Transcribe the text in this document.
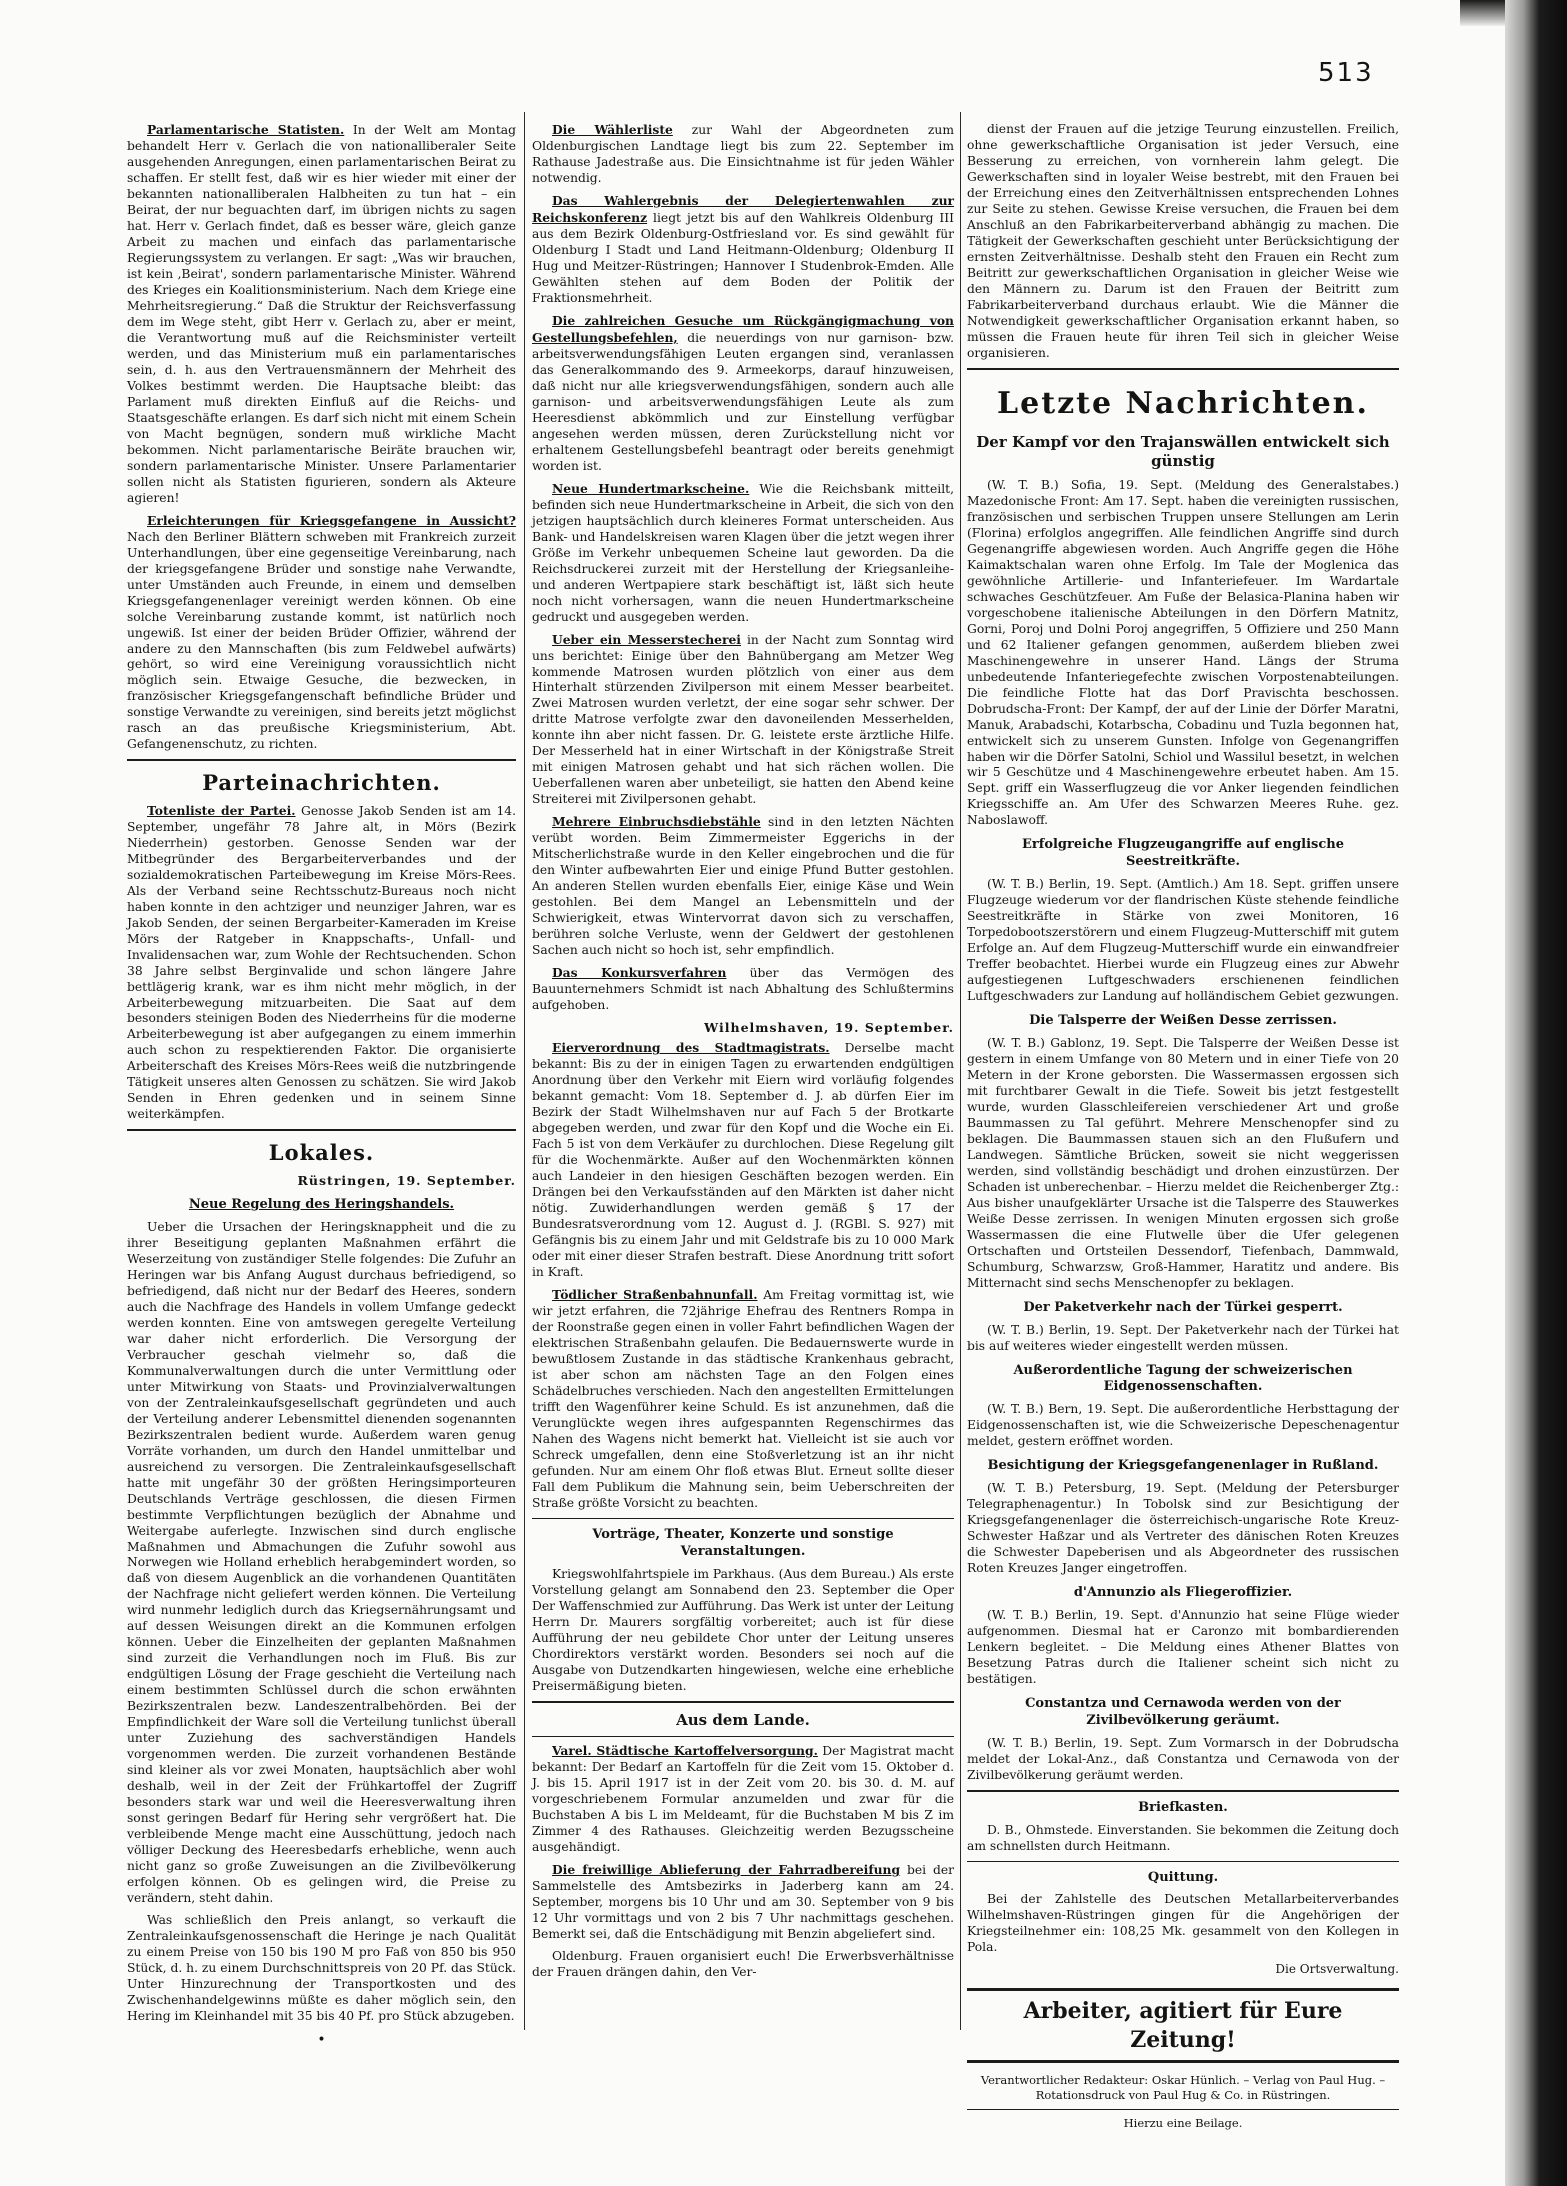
513

Parlamentarische Statisten. In der Welt am Montag behandelt Herr v. Gerlach die von nationalliberaler Seite ausgehenden Anregungen, einen parlamentarischen Beirat zu schaffen. Er stellt fest, daß wir es hier wieder mit einer der bekannten nationalliberalen Halbheiten zu tun hat – ein Beirat, der nur beguachten darf, im übrigen nichts zu sagen hat. Herr v. Gerlach findet, daß es besser wäre, gleich ganze Arbeit zu machen und einfach das parlamentarische Regierungssystem zu verlangen. Er sagt: „Was wir brauchen, ist kein ‚Beirat', sondern parlamentarische Minister. Während des Krieges ein Koalitionsministerium. Nach dem Kriege eine Mehrheitsregierung.“ Daß die Struktur der Reichsverfassung dem im Wege steht, gibt Herr v. Gerlach zu, aber er meint, die Verantwortung muß auf die Reichsminister verteilt werden, und das Ministerium muß ein parlamentarisches sein, d. h. aus den Vertrauensmännern der Mehrheit des Volkes bestimmt werden. Die Hauptsache bleibt: das Parlament muß direkten Einfluß auf die Reichs- und Staatsgeschäfte erlangen. Es darf sich nicht mit einem Schein von Macht begnügen, sondern muß wirkliche Macht bekommen. Nicht parlamentarische Beiräte brauchen wir, sondern parlamentarische Minister. Unsere Parlamentarier sollen nicht als Statisten figurieren, sondern als Akteure agieren!

Erleichterungen für Kriegsgefangene in Aussicht? Nach den Berliner Blättern schweben mit Frankreich zurzeit Unterhandlungen, über eine gegenseitige Vereinbarung, nach der kriegsgefangene Brüder und sonstige nahe Verwandte, unter Umständen auch Freunde, in einem und demselben Kriegsgefangenenlager vereinigt werden können. Ob eine solche Vereinbarung zustande kommt, ist natürlich noch ungewiß. Ist einer der beiden Brüder Offizier, während der andere zu den Mannschaften (bis zum Feldwebel aufwärts) gehört, so wird eine Vereinigung voraussichtlich nicht möglich sein. Etwaige Gesuche, die bezwecken, in französischer Kriegsgefangenschaft befindliche Brüder und sonstige Verwandte zu vereinigen, sind bereits jetzt möglichst rasch an das preußische Kriegsministerium, Abt. Gefangenenschutz, zu richten.

Parteinachrichten.

Totenliste der Partei. Genosse Jakob Senden ist am 14. September, ungefähr 78 Jahre alt, in Mörs (Bezirk Niederrhein) gestorben. Genosse Senden war der Mitbegründer des Bergarbeiterverbandes und der sozialdemokratischen Parteibewegung im Kreise Mörs-Rees. Als der Verband seine Rechtsschutz-Bureaus noch nicht haben konnte in den achtziger und neunziger Jahren, war es Jakob Senden, der seinen Bergarbeiter-Kameraden im Kreise Mörs der Ratgeber in Knappschafts-, Unfall- und Invalidensachen war, zum Wohle der Rechtsuchenden. Schon 38 Jahre selbst Berginvalide und schon längere Jahre bettlägerig krank, war es ihm nicht mehr möglich, in der Arbeiterbewegung mitzuarbeiten. Die Saat auf dem besonders steinigen Boden des Niederrheins für die moderne Arbeiterbewegung ist aber aufgegangen zu einem immerhin auch schon zu respektierenden Faktor. Die organisierte Arbeiterschaft des Kreises Mörs-Rees weiß die nutzbringende Tätigkeit unseres alten Genossen zu schätzen. Sie wird Jakob Senden in Ehren gedenken und in seinem Sinne weiterkämpfen.

Lokales.
Rüstringen, 19. September.
Neue Regelung des Heringshandels.

Ueber die Ursachen der Heringsknappheit und die zu ihrer Beseitigung geplanten Maßnahmen erfährt die Weserzeitung von zuständiger Stelle folgendes: Die Zufuhr an Heringen war bis Anfang August durchaus befriedigend, so befriedigend, daß nicht nur der Bedarf des Heeres, sondern auch die Nachfrage des Handels in vollem Umfange gedeckt werden konnten. Eine von amtswegen geregelte Verteilung war daher nicht erforderlich. Die Versorgung der Verbraucher geschah vielmehr so, daß die Kommunalverwaltungen durch die unter Vermittlung oder unter Mitwirkung von Staats- und Provinzialverwaltungen von der Zentraleinkaufsgesellschaft gegründeten und auch der Verteilung anderer Lebensmittel dienenden sogenannten Bezirkszentralen bedient wurde. Außerdem waren genug Vorräte vorhanden, um durch den Handel unmittelbar und ausreichend zu versorgen. Die Zentraleinkaufsgesellschaft hatte mit ungefähr 30 der größten Heringsimporteuren Deutschlands Verträge geschlossen, die diesen Firmen bestimmte Verpflichtungen bezüglich der Abnahme und Weitergabe auferlegte. Inzwischen sind durch englische Maßnahmen und Abmachungen die Zufuhr sowohl aus Norwegen wie Holland erheblich herabgemindert worden, so daß von diesem Augenblick an die vorhandenen Quantitäten der Nachfrage nicht geliefert werden können. Die Verteilung wird nunmehr lediglich durch das Kriegsernährungsamt und auf dessen Weisungen direkt an die Kommunen erfolgen können. Ueber die Einzelheiten der geplanten Maßnahmen sind zurzeit die Verhandlungen noch im Fluß. Bis zur endgültigen Lösung der Frage geschieht die Verteilung nach einem bestimmten Schlüssel durch die schon erwähnten Bezirkszentralen bezw. Landeszentralbehörden. Bei der Empfindlichkeit der Ware soll die Verteilung tunlichst überall unter Zuziehung des sachverständigen Handels vorgenommen werden. Die zurzeit vorhandenen Bestände sind kleiner als vor zwei Monaten, hauptsächlich aber wohl deshalb, weil in der Zeit der Frühkartoffel der Zugriff besonders stark war und weil die Heeresverwaltung ihren sonst geringen Bedarf für Hering sehr vergrößert hat. Die verbleibende Menge macht eine Ausschüttung, jedoch nach völliger Deckung des Heeresbedarfs erhebliche, wenn auch nicht ganz so große Zuweisungen an die Zivilbevölkerung erfolgen können. Ob es gelingen wird, die Preise zu verändern, steht dahin.

Was schließlich den Preis anlangt, so verkauft die Zentraleinkaufsgenossenschaft die Heringe je nach Qualität zu einem Preise von 150 bis 190 M pro Faß von 850 bis 950 Stück, d. h. zu einem Durchschnittspreis von 20 Pf. das Stück. Unter Hinzurechnung der Transportkosten und des Zwischenhandelgewinns müßte es daher möglich sein, den Hering im Kleinhandel mit 35 bis 40 Pf. pro Stück abzugeben.

•

Die Wählerliste zur Wahl der Abgeordneten zum Oldenburgischen Landtage liegt bis zum 22. September im Rathause Jadestraße aus. Die Einsichtnahme ist für jeden Wähler notwendig.

Das Wahlergebnis der Delegiertenwahlen zur Reichskonferenz liegt jetzt bis auf den Wahlkreis Oldenburg III aus dem Bezirk Oldenburg-Ostfriesland vor. Es sind gewählt für Oldenburg I Stadt und Land Heitmann-Oldenburg; Oldenburg II Hug und Meitzer-Rüstringen; Hannover I Studenbrok-Emden. Alle Gewählten stehen auf dem Boden der Politik der Fraktionsmehrheit.

Die zahlreichen Gesuche um Rückgängigmachung von Gestellungsbefehlen, die neuerdings von nur garnison- bzw. arbeitsverwendungsfähigen Leuten ergangen sind, veranlassen das Generalkommando des 9. Armeekorps, darauf hinzuweisen, daß nicht nur alle kriegsverwendungsfähigen, sondern auch alle garnison- und arbeitsverwendungsfähigen Leute als zum Heeresdienst abkömmlich und zur Einstellung verfügbar angesehen werden müssen, deren Zurückstellung nicht vor erhaltenem Gestellungsbefehl beantragt oder bereits genehmigt worden ist.

Neue Hundertmarkscheine. Wie die Reichsbank mitteilt, befinden sich neue Hundertmarkscheine in Arbeit, die sich von den jetzigen hauptsächlich durch kleineres Format unterscheiden. Aus Bank- und Handelskreisen waren Klagen über die jetzt wegen ihrer Größe im Verkehr unbequemen Scheine laut geworden. Da die Reichsdruckerei zurzeit mit der Herstellung der Kriegsanleihe- und anderen Wertpapiere stark beschäftigt ist, läßt sich heute noch nicht vorhersagen, wann die neuen Hundertmarkscheine gedruckt und ausgegeben werden.

Ueber ein Messerstecherei in der Nacht zum Sonntag wird uns berichtet: Einige über den Bahnübergang am Metzer Weg kommende Matrosen wurden plötzlich von einer aus dem Hinterhalt stürzenden Zivilperson mit einem Messer bearbeitet. Zwei Matrosen wurden verletzt, der eine sogar sehr schwer. Der dritte Matrose verfolgte zwar den davoneilenden Messerhelden, konnte ihn aber nicht fassen. Dr. G. leistete erste ärztliche Hilfe. Der Messerheld hat in einer Wirtschaft in der Königstraße Streit mit einigen Matrosen gehabt und hat sich rächen wollen. Die Ueberfallenen waren aber unbeteiligt, sie hatten den Abend keine Streiterei mit Zivilpersonen gehabt.

Mehrere Einbruchsdiebstähle sind in den letzten Nächten verübt worden. Beim Zimmermeister Eggerichs in der Mitscherlichstraße wurde in den Keller eingebrochen und die für den Winter aufbewahrten Eier und einige Pfund Butter gestohlen. An anderen Stellen wurden ebenfalls Eier, einige Käse und Wein gestohlen. Bei dem Mangel an Lebensmitteln und der Schwierigkeit, etwas Wintervorrat davon sich zu verschaffen, berühren solche Verluste, wenn der Geldwert der gestohlenen Sachen auch nicht so hoch ist, sehr empfindlich.

Das Konkursverfahren über das Vermögen des Bauunternehmers Schmidt ist nach Abhaltung des Schlußtermins aufgehoben.

Wilhelmshaven, 19. September.

Eierverordnung des Stadtmagistrats. Derselbe macht bekannt: Bis zu der in einigen Tagen zu erwartenden endgültigen Anordnung über den Verkehr mit Eiern wird vorläufig folgendes bekannt gemacht: Vom 18. September d. J. ab dürfen Eier im Bezirk der Stadt Wilhelmshaven nur auf Fach 5 der Brotkarte abgegeben werden, und zwar für den Kopf und die Woche ein Ei. Fach 5 ist von dem Verkäufer zu durchlochen. Diese Regelung gilt für die Wochenmärkte. Außer auf den Wochenmärkten können auch Landeier in den hiesigen Geschäften bezogen werden. Ein Drängen bei den Verkaufsständen auf den Märkten ist daher nicht nötig. Zuwiderhandlungen werden gemäß § 17 der Bundesratsverordnung vom 12. August d. J. (RGBl. S. 927) mit Gefängnis bis zu einem Jahr und mit Geldstrafe bis zu 10 000 Mark oder mit einer dieser Strafen bestraft. Diese Anordnung tritt sofort in Kraft.

Tödlicher Straßenbahnunfall. Am Freitag vormittag ist, wie wir jetzt erfahren, die 72jährige Ehefrau des Rentners Rompa in der Roonstraße gegen einen in voller Fahrt befindlichen Wagen der elektrischen Straßenbahn gelaufen. Die Bedauernswerte wurde in bewußtlosem Zustande in das städtische Krankenhaus gebracht, ist aber schon am nächsten Tage an den Folgen eines Schädelbruches verschieden. Nach den angestellten Ermittelungen trifft den Wagenführer keine Schuld. Es ist anzunehmen, daß die Verunglückte wegen ihres aufgespannten Regenschirmes das Nahen des Wagens nicht bemerkt hat. Vielleicht ist sie auch vor Schreck umgefallen, denn eine Stoßverletzung ist an ihr nicht gefunden. Nur am einem Ohr floß etwas Blut. Erneut sollte dieser Fall dem Publikum die Mahnung sein, beim Ueberschreiten der Straße größte Vorsicht zu beachten.

Vorträge, Theater, Konzerte und sonstige Veranstaltungen.

Kriegswohlfahrtspiele im Parkhaus. (Aus dem Bureau.) Als erste Vorstellung gelangt am Sonnabend den 23. September die Oper Der Waffenschmied zur Aufführung. Das Werk ist unter der Leitung Herrn Dr. Maurers sorgfältig vorbereitet; auch ist für diese Aufführung der neu gebildete Chor unter der Leitung unseres Chordirektors verstärkt worden. Besonders sei noch auf die Ausgabe von Dutzendkarten hingewiesen, welche eine erhebliche Preisermäßigung bieten.

Aus dem Lande.

Varel. Städtische Kartoffelversorgung. Der Magistrat macht bekannt: Der Bedarf an Kartoffeln für die Zeit vom 15. Oktober d. J. bis 15. April 1917 ist in der Zeit vom 20. bis 30. d. M. auf vorgeschriebenem Formular anzumelden und zwar für die Buchstaben A bis L im Meldeamt, für die Buchstaben M bis Z im Zimmer 4 des Rathauses. Gleichzeitig werden Bezugsscheine ausgehändigt.

Die freiwillige Ablieferung der Fahrradbereifung bei der Sammelstelle des Amtsbezirks in Jaderberg kann am 24. September, morgens bis 10 Uhr und am 30. September von 9 bis 12 Uhr vormittags und von 2 bis 7 Uhr nachmittags geschehen. Bemerkt sei, daß die Entschädigung mit Benzin abgeliefert sind.

Oldenburg. Frauen organisiert euch! Die Erwerbsverhältnisse der Frauen drängen dahin, den Ver-

dienst der Frauen auf die jetzige Teurung einzustellen. Freilich, ohne gewerkschaftliche Organisation ist jeder Versuch, eine Besserung zu erreichen, von vornherein lahm gelegt. Die Gewerkschaften sind in loyaler Weise bestrebt, mit den Frauen bei der Erreichung eines den Zeitverhältnissen entsprechenden Lohnes zur Seite zu stehen. Gewisse Kreise versuchen, die Frauen bei dem Anschluß an den Fabrikarbeiterverband abhängig zu machen. Die Tätigkeit der Gewerkschaften geschieht unter Berücksichtigung der ernsten Zeitverhältnisse. Deshalb steht den Frauen ein Recht zum Beitritt zur gewerkschaftlichen Organisation in gleicher Weise wie den Männern zu. Darum ist den Frauen der Beitritt zum Fabrikarbeiterverband durchaus erlaubt. Wie die Männer die Notwendigkeit gewerkschaftlicher Organisation erkannt haben, so müssen die Frauen heute für ihren Teil sich in gleicher Weise organisieren.

Letzte Nachrichten.
Der Kampf vor den Trajanswällen entwickelt sich günstig

(W. T. B.) Sofia, 19. Sept. (Meldung des Generalstabes.) Mazedonische Front: Am 17. Sept. haben die vereinigten russischen, französischen und serbischen Truppen unsere Stellungen am Lerin (Florina) erfolglos angegriffen. Alle feindlichen Angriffe sind durch Gegenangriffe abgewiesen worden. Auch Angriffe gegen die Höhe Kaimaktschalan waren ohne Erfolg. Im Tale der Moglenica das gewöhnliche Artillerie- und Infanteriefeuer. Im Wardartale schwaches Geschützfeuer. Am Fuße der Belasica-Planina haben wir vorgeschobene italienische Abteilungen in den Dörfern Matnitz, Gorni, Poroj und Dolni Poroj angegriffen, 5 Offiziere und 250 Mann und 62 Italiener gefangen genommen, außerdem blieben zwei Maschinengewehre in unserer Hand. Längs der Struma unbedeutende Infanteriegefechte zwischen Vorpostenabteilungen. Die feindliche Flotte hat das Dorf Pravischta beschossen. Dobrudscha-Front: Der Kampf, der auf der Linie der Dörfer Maratni, Manuk, Arabadschi, Kotarbscha, Cobadinu und Tuzla begonnen hat, entwickelt sich zu unserem Gunsten. Infolge von Gegenangriffen haben wir die Dörfer Satolni, Schiol und Wassilul besetzt, in welchen wir 5 Geschütze und 4 Maschinengewehre erbeutet haben. Am 15. Sept. griff ein Wasserflugzeug die vor Anker liegenden feindlichen Kriegsschiffe an. Am Ufer des Schwarzen Meeres Ruhe. gez. Naboslawoff.

Erfolgreiche Flugzeugangriffe auf englische Seestreitkräfte.

(W. T. B.) Berlin, 19. Sept. (Amtlich.) Am 18. Sept. griffen unsere Flugzeuge wiederum vor der flandrischen Küste stehende feindliche Seestreitkräfte in Stärke von zwei Monitoren, 16 Torpedobootszerstörern und einem Flugzeug-Mutterschiff mit gutem Erfolge an. Auf dem Flugzeug-Mutterschiff wurde ein einwandfreier Treffer beobachtet. Hierbei wurde ein Flugzeug eines zur Abwehr aufgestiegenen Luftgeschwaders erschienenen feindlichen Luftgeschwaders zur Landung auf holländischem Gebiet gezwungen.

Die Talsperre der Weißen Desse zerrissen.

(W. T. B.) Gablonz, 19. Sept. Die Talsperre der Weißen Desse ist gestern in einem Umfange von 80 Metern und in einer Tiefe von 20 Metern in der Krone geborsten. Die Wassermassen ergossen sich mit furchtbarer Gewalt in die Tiefe. Soweit bis jetzt festgestellt wurde, wurden Glasschleifereien verschiedener Art und große Baummassen zu Tal geführt. Mehrere Menschenopfer sind zu beklagen. Die Baummassen stauen sich an den Flußufern und Landwegen. Sämtliche Brücken, soweit sie nicht weggerissen werden, sind vollständig beschädigt und drohen einzustürzen. Der Schaden ist unberechenbar. – Hierzu meldet die Reichenberger Ztg.: Aus bisher unaufgeklärter Ursache ist die Talsperre des Stauwerkes Weiße Desse zerrissen. In wenigen Minuten ergossen sich große Wassermassen die eine Flutwelle über die Ufer gelegenen Ortschaften und Ortsteilen Dessendorf, Tiefenbach, Dammwald, Schumburg, Schwarzsw, Groß-Hammer, Haratitz und andere. Bis Mitternacht sind sechs Menschenopfer zu beklagen.

Der Paketverkehr nach der Türkei gesperrt.

(W. T. B.) Berlin, 19. Sept. Der Paketverkehr nach der Türkei hat bis auf weiteres wieder eingestellt werden müssen.

Außerordentliche Tagung der schweizerischen Eidgenossenschaften.

(W. T. B.) Bern, 19. Sept. Die außerordentliche Herbsttagung der Eidgenossenschaften ist, wie die Schweizerische Depeschenagentur meldet, gestern eröffnet worden.

Besichtigung der Kriegsgefangenenlager in Rußland.

(W. T. B.) Petersburg, 19. Sept. (Meldung der Petersburger Telegraphenagentur.) In Tobolsk sind zur Besichtigung der Kriegsgefangenenlager die österreichisch-ungarische Rote Kreuz-Schwester Haßzar und als Vertreter des dänischen Roten Kreuzes die Schwester Dapeberisen und als Abgeordneter des russischen Roten Kreuzes Janger eingetroffen.

d'Annunzio als Fliegeroffizier.

(W. T. B.) Berlin, 19. Sept. d'Annunzio hat seine Flüge wieder aufgenommen. Diesmal hat er Caronzo mit bombardierenden Lenkern begleitet. – Die Meldung eines Athener Blattes von Besetzung Patras durch die Italiener scheint sich nicht zu bestätigen.

Constantza und Cernawoda werden von der Zivilbevölkerung geräumt.

(W. T. B.) Berlin, 19. Sept. Zum Vormarsch in der Dobrudscha meldet der Lokal-Anz., daß Constantza und Cernawoda von der Zivilbevölkerung geräumt werden.

Briefkasten.

D. B., Ohmstede. Einverstanden. Sie bekommen die Zeitung doch am schnellsten durch Heitmann.

Quittung.

Bei der Zahlstelle des Deutschen Metallarbeiterverbandes Wilhelmshaven-Rüstringen gingen für die Angehörigen der Kriegsteilnehmer ein: 108,25 Mk. gesammelt von den Kollegen in Pola.

Die Ortsverwaltung.
Arbeiter, agitiert für Eure Zeitung!
Verantwortlicher Redakteur: Oskar Hünlich. – Verlag von Paul Hug. – Rotationsdruck von Paul Hug & Co. in Rüstringen.
Hierzu eine Beilage.
